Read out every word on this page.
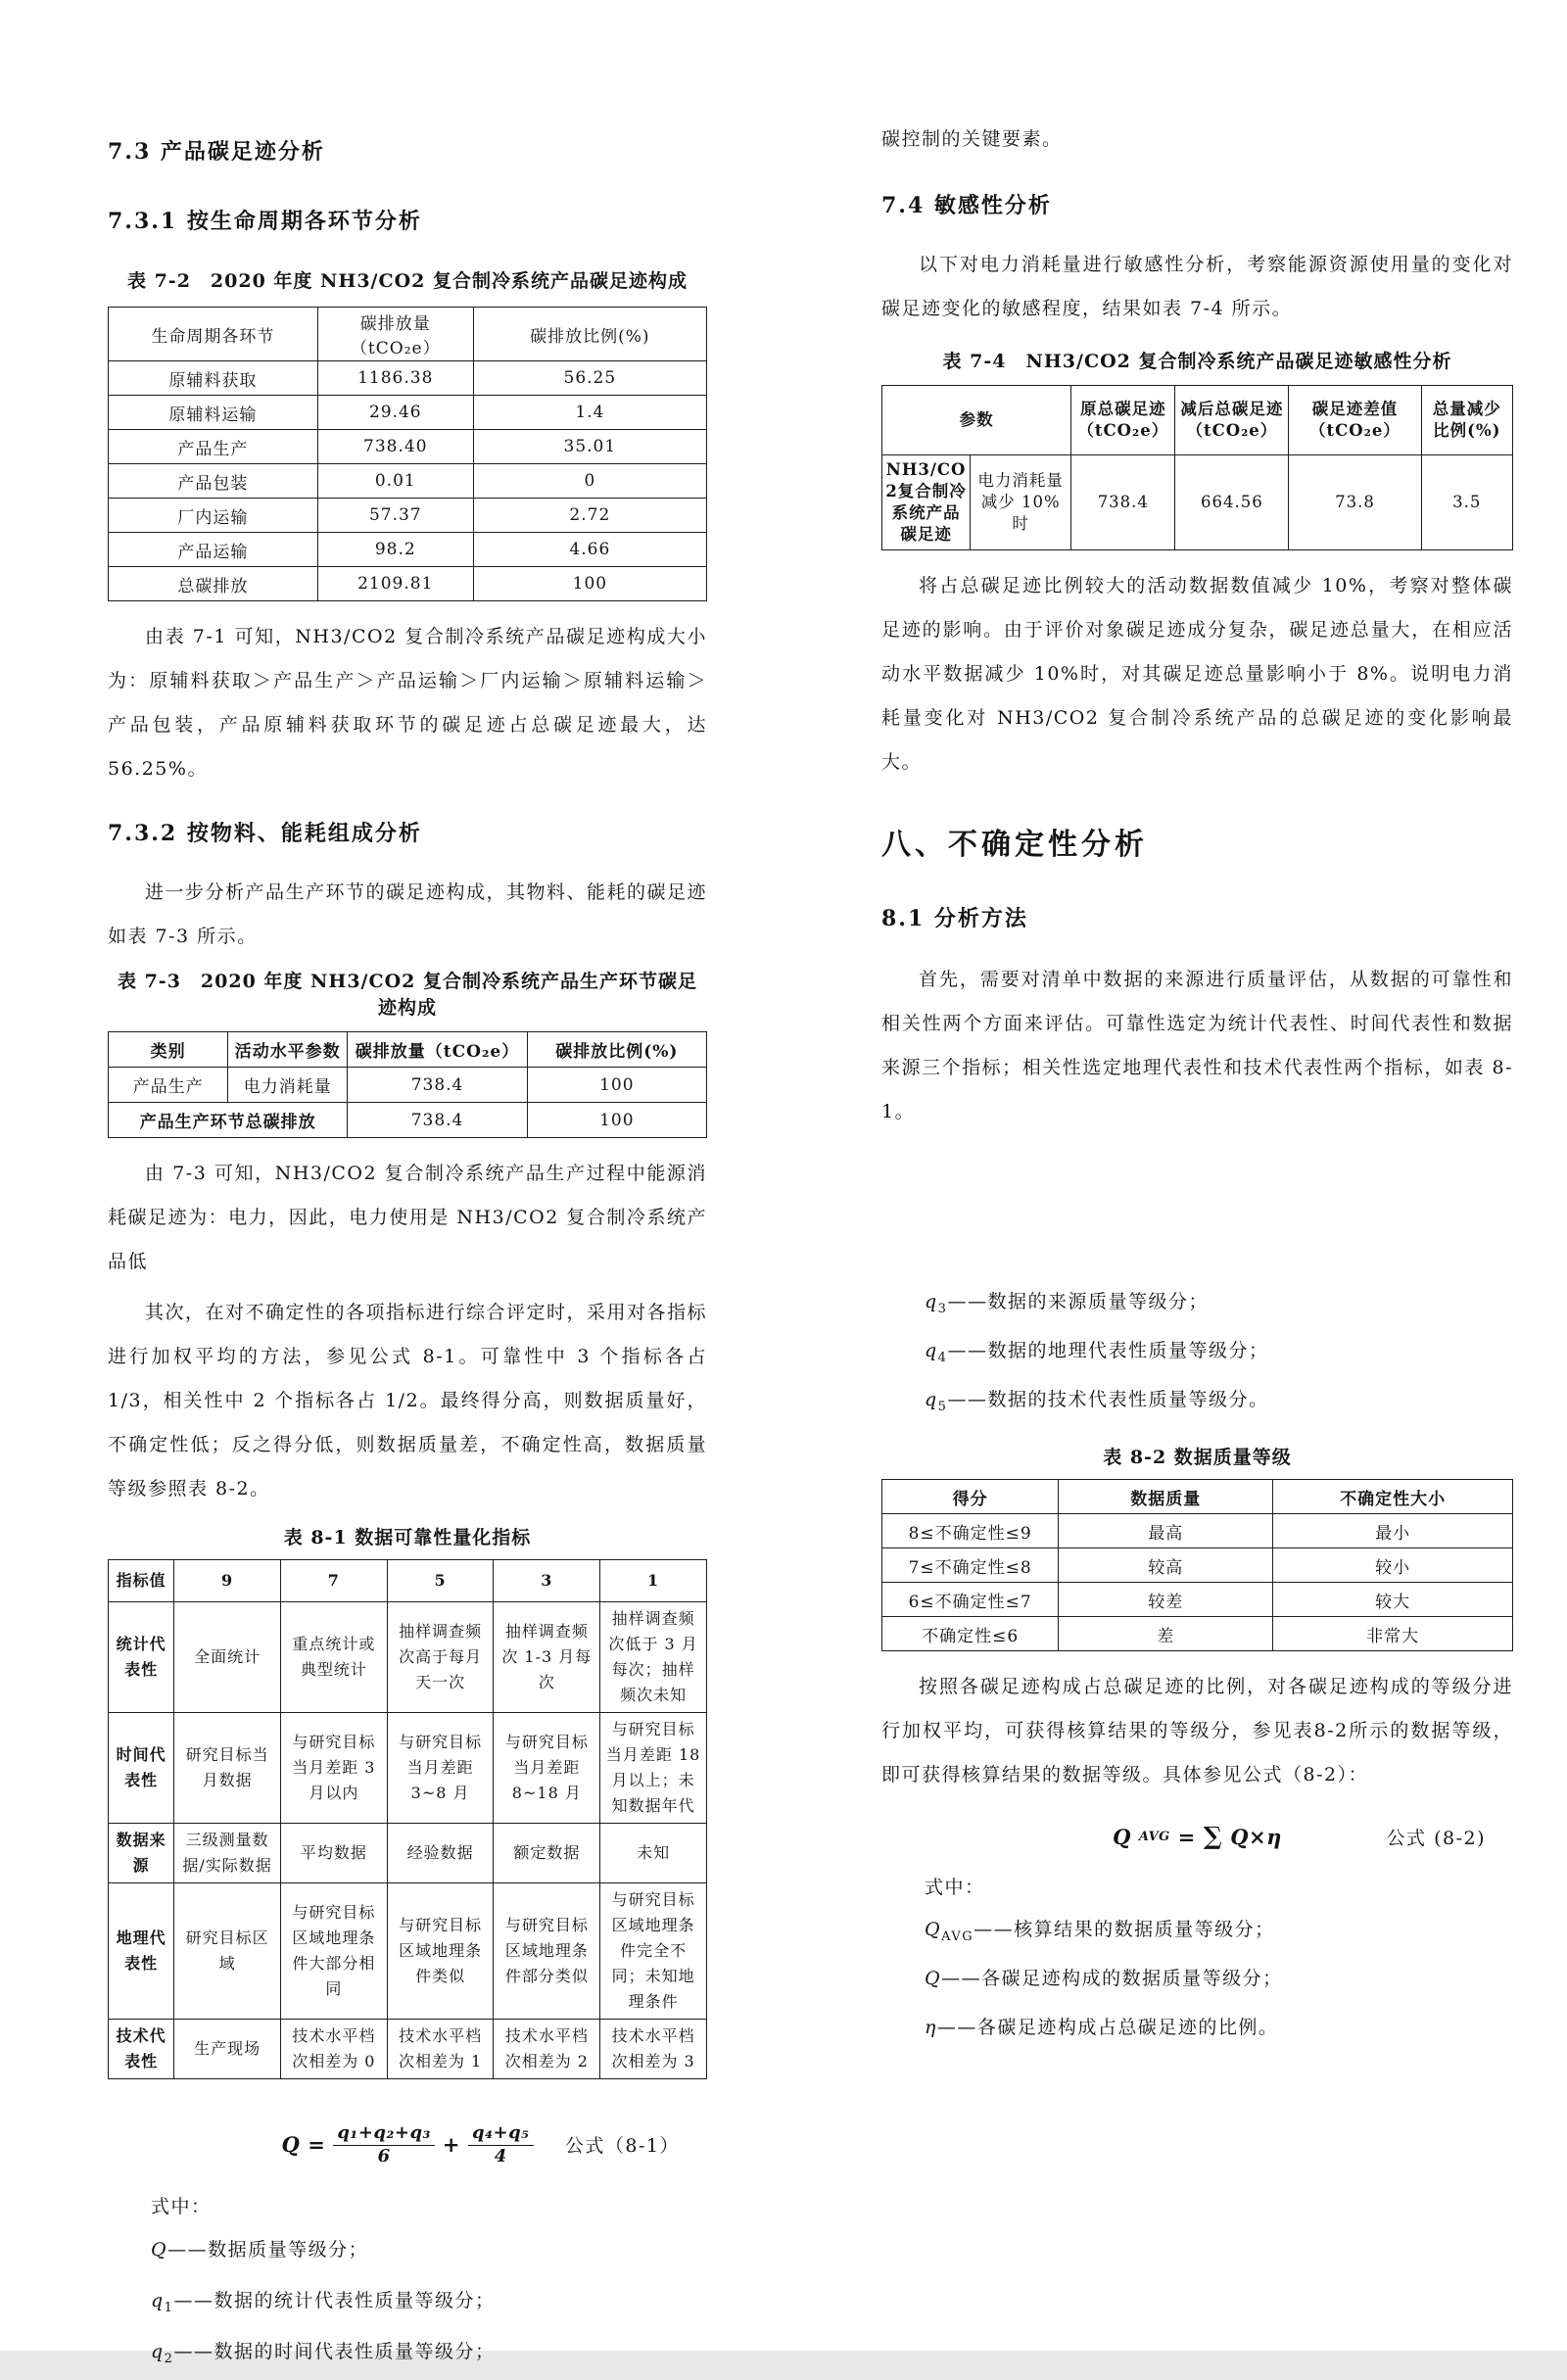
7.3 产品碳足迹分析
7.3.1 按生命周期各环节分析
表 7-2　2020 年度 NH3/CO2 复合制冷系统产品碳足迹构成
生命周期各环节	碳排放量（tCO₂e）	碳排放比例(%)
原辅料获取	1186.38	56.25
原辅料运输	29.46	1.4
产品生产	738.40	35.01
产品包装	0.01	0
厂内运输	57.37	2.72
产品运输	98.2	4.66
总碳排放	2109.81	100

由表 7-1 可知，NH3/CO2 复合制冷系统产品碳足迹构成大小为：原辅料获取＞产品生产＞产品运输＞厂内运输＞原辅料运输＞产品包装，产品原辅料获取环节的碳足迹占总碳足迹最大，达 56.25%。

7.3.2 按物料、能耗组成分析

进一步分析产品生产环节的碳足迹构成，其物料、能耗的碳足迹如表 7-3 所示。

表 7-3　2020 年度 NH3/CO2 复合制冷系统产品生产环节碳足迹构成
类别	活动水平参数	碳排放量（tCO₂e）	碳排放比例(%)
产品生产	电力消耗量	738.4	100
产品生产环节总碳排放		738.4	100

由 7-3 可知，NH3/CO2 复合制冷系统产品生产过程中能源消耗碳足迹为：电力，因此，电力使用是 NH3/CO2 复合制冷系统产品低

碳控制的关键要素。

7.4 敏感性分析

以下对电力消耗量进行敏感性分析，考察能源资源使用量的变化对碳足迹变化的敏感程度，结果如表 7-4 所示。

表 7-4　NH3/CO2 复合制冷系统产品碳足迹敏感性分析
参数		原总碳足迹（tCO₂e）	减后总碳足迹（tCO₂e）	碳足迹差值（tCO₂e）	总量减少比例(%)
NH3/CO2复合制冷系统产品碳足迹	电力消耗量减少 10%时	738.4	664.56	73.8	3.5

将占总碳足迹比例较大的活动数据数值减少 10%，考察对整体碳足迹的影响。由于评价对象碳足迹成分复杂，碳足迹总量大，在相应活动水平数据减少 10%时，对其碳足迹总量影响小于 8%。说明电力消耗量变化对 NH3/CO2 复合制冷系统产品的总碳足迹的变化影响最大。

八、不确定性分析
8.1 分析方法

首先，需要对清单中数据的来源进行质量评估，从数据的可靠性和相关性两个方面来评估。可靠性选定为统计代表性、时间代表性和数据来源三个指标；相关性选定地理代表性和技术代表性两个指标，如表 8-1。

其次，在对不确定性的各项指标进行综合评定时，采用对各指标进行加权平均的方法，参见公式 8-1。可靠性中 3 个指标各占 1/3，相关性中 2 个指标各占 1/2。最终得分高，则数据质量好，不确定性低；反之得分低，则数据质量差，不确定性高，数据质量等级参照表 8-2。

表 8-1 数据可靠性量化指标
指标值	9	7	5	3	1
统计代表性	全面统计	重点统计或典型统计	抽样调查频次高于每月天一次	抽样调查频次 1-3 月每次	抽样调查频次低于 3 月每次；抽样频次未知
时间代表性	研究目标当月数据	与研究目标当月差距 3 月以内	与研究目标当月差距 3~8 月	与研究目标当月差距 8~18 月	与研究目标当月差距 18 月以上；未知数据年代
数据来源	三级测量数据/实际数据	平均数据	经验数据	额定数据	未知
地理代表性	研究目标区域	与研究目标区域地理条件大部分相同	与研究目标区域地理条件类似	与研究目标区域地理条件部分类似	与研究目标区域地理条件完全不同；未知地理条件
技术代表性	生产现场	技术水平档次相差为 0	技术水平档次相差为 1	技术水平档次相差为 2	技术水平档次相差为 3
$Q = \frac{\text{q₁+q₂+q₃}}{6} + \frac{\text{q₄+q₅}}{4}$ 公式（8-1）
式中：
Q——数据质量等级分；
$q_1——$数据的统计代表性质量等级分；
$q_2——$数据的时间代表性质量等级分；
$q_3——$数据的来源质量等级分；
$q_4——$数据的地理代表性质量等级分；
$q_5——$数据的技术代表性质量等级分。
表 8-2 数据质量等级
得分	数据质量	不确定性大小
8≤不确定性≤9	最高	最小
7≤不确定性≤8	较高	较小
6≤不确定性≤7	较差	较大
不确定性≤6	差	非常大

按照各碳足迹构成占总碳足迹的比例，对各碳足迹构成的等级分进行加权平均，可获得核算结果的等级分，参见表8-2所示的数据等级，即可获得核算结果的数据等级。具体参见公式（8-2）：

Q AVG = ∑ Q×η	公式 (8-2)
式中：
$Q_{AVG}——$核算结果的数据质量等级分；
Q——各碳足迹构成的数据质量等级分；
η——各碳足迹构成占总碳足迹的比例。
